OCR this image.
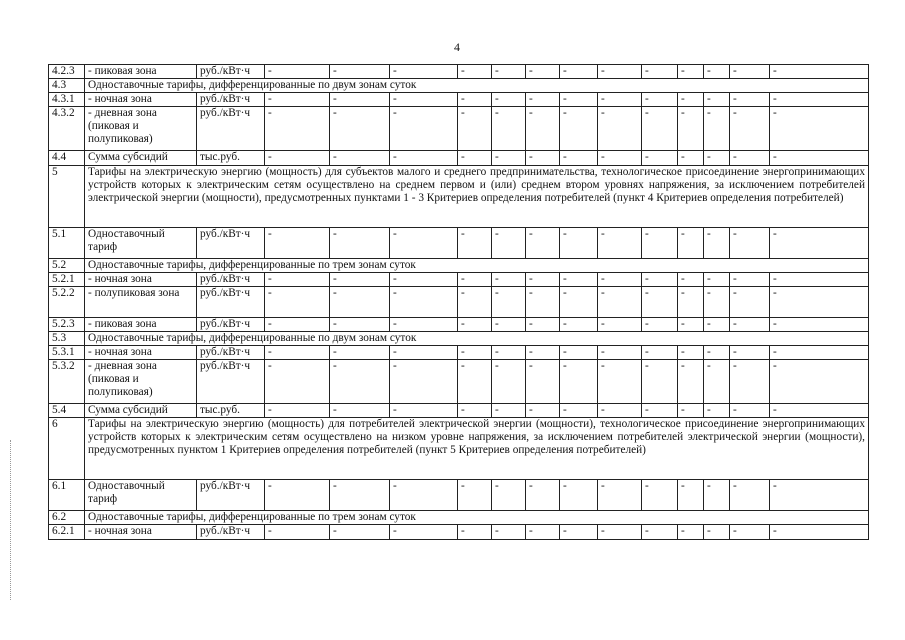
4
4.2.3	- пиковая зона	руб./кВт·ч	-	-	-	-	-	-	-	-	-	-	-	-	-
4.3	Одноставочные тарифы, дифференцированные по двум зонам суток														
4.3.1	- ночная зона	руб./кВт·ч	-	-	-	-	-	-	-	-	-	-	-	-	-
4.3.2	- дневная зона (пиковая и полупиковая)	руб./кВт·ч	-	-	-	-	-	-	-	-	-	-	-	-	-
4.4	Сумма субсидий	тыс.руб.	-	-	-	-	-	-	-	-	-	-	-	-	-
5	Тарифы на электрическую энергию (мощность) для субъектов малого и среднего предпринимательства, технологическое присоединение энергопринимающих устройств которых к электрическим сетям осуществлено на среднем первом и (или) среднем втором уровнях напряжения, за исключением потребителей электрической энергии (мощности), предусмотренных пунктами 1 - 3 Критериев определения потребителей (пункт 4 Критериев определения потребителей)														
5.1	Одноставочный тариф	руб./кВт·ч	-	-	-	-	-	-	-	-	-	-	-	-	-
5.2	Одноставочные тарифы, дифференцированные по трем зонам суток														
5.2.1	- ночная зона	руб./кВт·ч	-	-	-	-	-	-	-	-	-	-	-	-	-
5.2.2	- полупиковая зона	руб./кВт·ч	-	-	-	-	-	-	-	-	-	-	-	-	-
5.2.3	- пиковая зона	руб./кВт·ч	-	-	-	-	-	-	-	-	-	-	-	-	-
5.3	Одноставочные тарифы, дифференцированные по двум зонам суток														
5.3.1	- ночная зона	руб./кВт·ч	-	-	-	-	-	-	-	-	-	-	-	-	-
5.3.2	- дневная зона (пиковая и полупиковая)	руб./кВт·ч	-	-	-	-	-	-	-	-	-	-	-	-	-
5.4	Сумма субсидий	тыс.руб.	-	-	-	-	-	-	-	-	-	-	-	-	-
6	Тарифы на электрическую энергию (мощность) для потребителей электрической энергии (мощности), технологическое присоединение энергопринимающих устройств которых к электрическим сетям осуществлено на низком уровне напряжения, за исключением потребителей электрической энергии (мощности), предусмотренных пунктом 1 Критериев определения потребителей (пункт 5 Критериев определения потребителей)														
6.1	Одноставочный тариф	руб./кВт·ч	-	-	-	-	-	-	-	-	-	-	-	-	-
6.2	Одноставочные тарифы, дифференцированные по трем зонам суток														
6.2.1	- ночная зона	руб./кВт·ч	-	-	-	-	-	-	-	-	-	-	-	-	-
